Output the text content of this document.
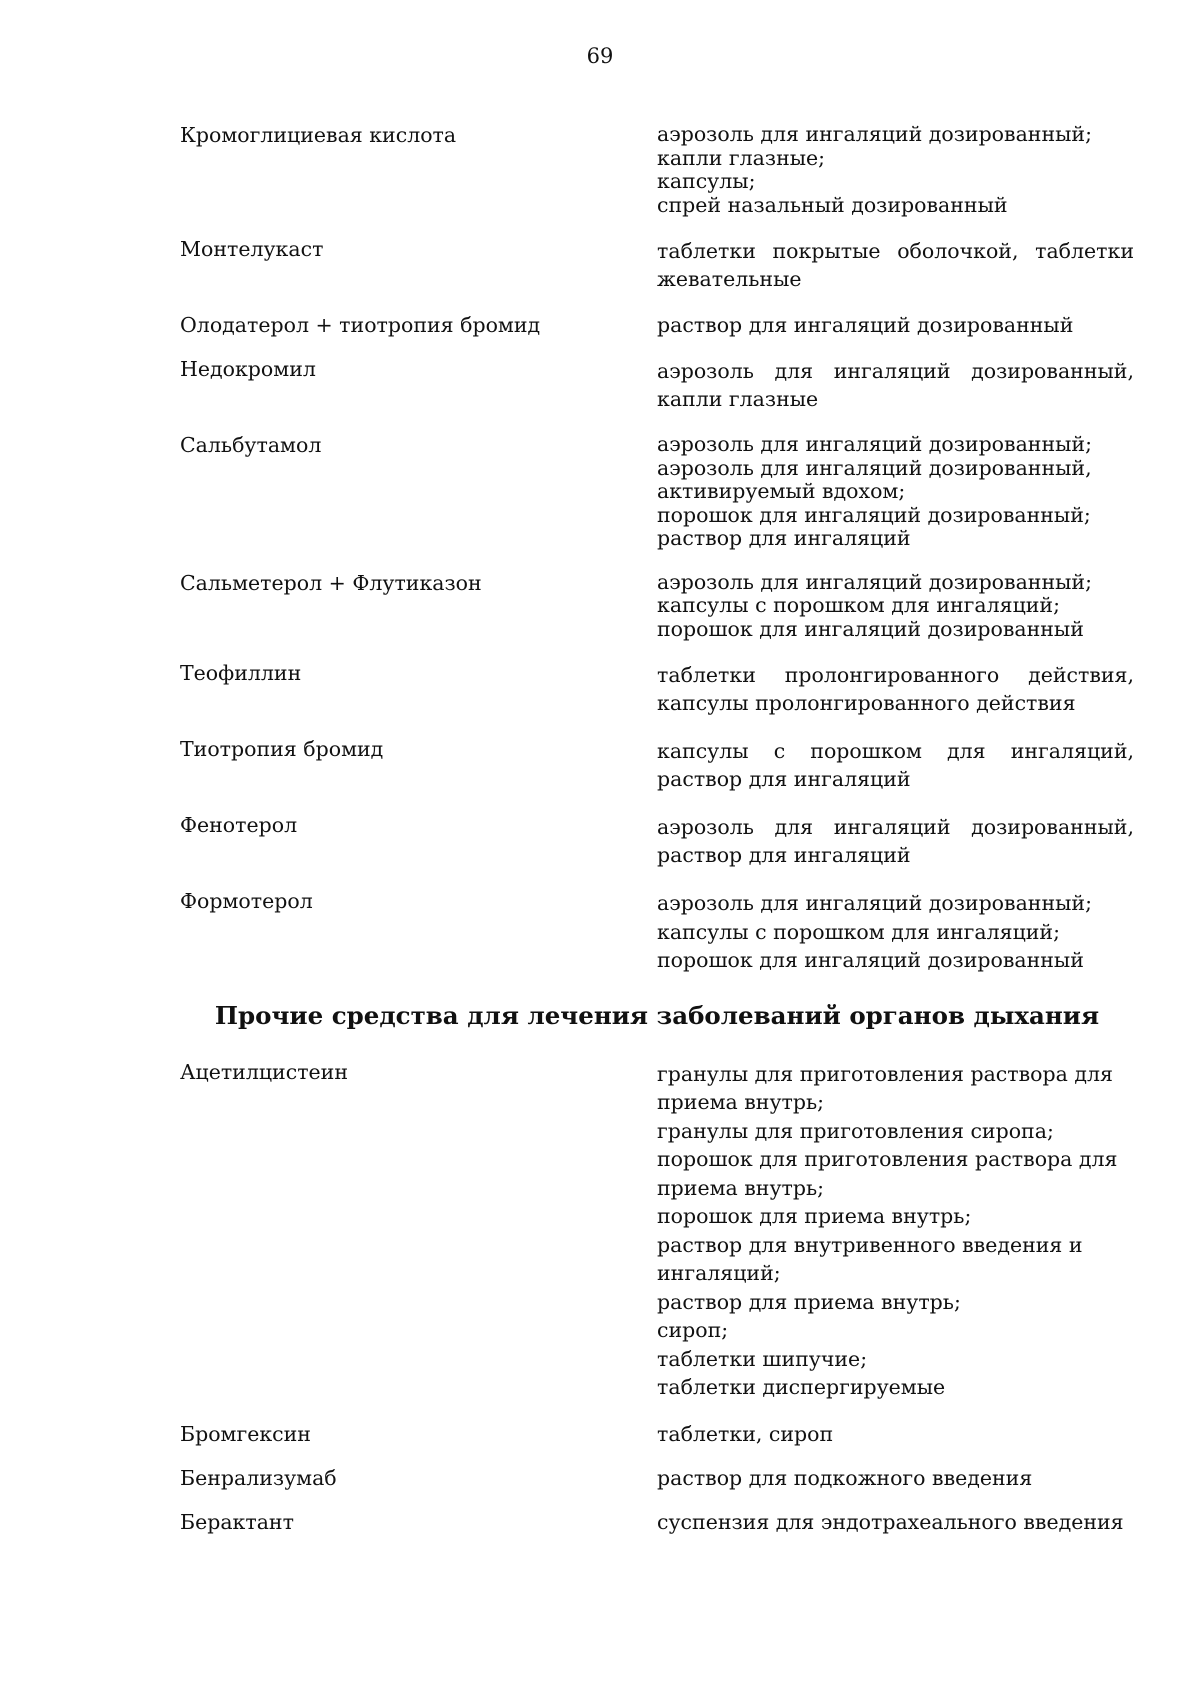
69
Кромоглициевая кислота	аэрозоль для ингаляций дозированный;
капли глазные;
капсулы;
спрей назальный дозированный
Монтелукаст	таблетки покрытые оболочкой, таблетки жевательные
Олодатерол + тиотропия бромид	раствор для ингаляций дозированный
Недокромил	аэрозоль для ингаляций дозированный, капли глазные
Сальбутамол	аэрозоль для ингаляций дозированный;
аэрозоль для ингаляций дозированный,
активируемый вдохом;
порошок для ингаляций дозированный;
раствор для ингаляций
Сальметерол + Флутиказон	аэрозоль для ингаляций дозированный;
капсулы с порошком для ингаляций;
порошок для ингаляций дозированный
Теофиллин	таблетки пролонгированного действия, капсулы пролонгированного действия
Тиотропия бромид	капсулы с порошком для ингаляций, раствор для ингаляций
Фенотерол	аэрозоль для ингаляций дозированный, раствор для ингаляций
Формотерол	аэрозоль для ингаляций дозированный;
капсулы с порошком для ингаляций;
порошок для ингаляций дозированный
Прочие средства для лечения заболеваний органов дыхания
Ацетилцистеин	гранулы для приготовления раствора для
приема внутрь;
гранулы для приготовления сиропа;
порошок для приготовления раствора для
приема внутрь;
порошок для приема внутрь;
раствор для внутривенного введения и
ингаляций;
раствор для приема внутрь;
сироп;
таблетки шипучие;
таблетки диспергируемые
Бромгексин	таблетки, сироп
Бенрализумаб	раствор для подкожного введения
Берактант	суспензия для эндотрахеального введения
